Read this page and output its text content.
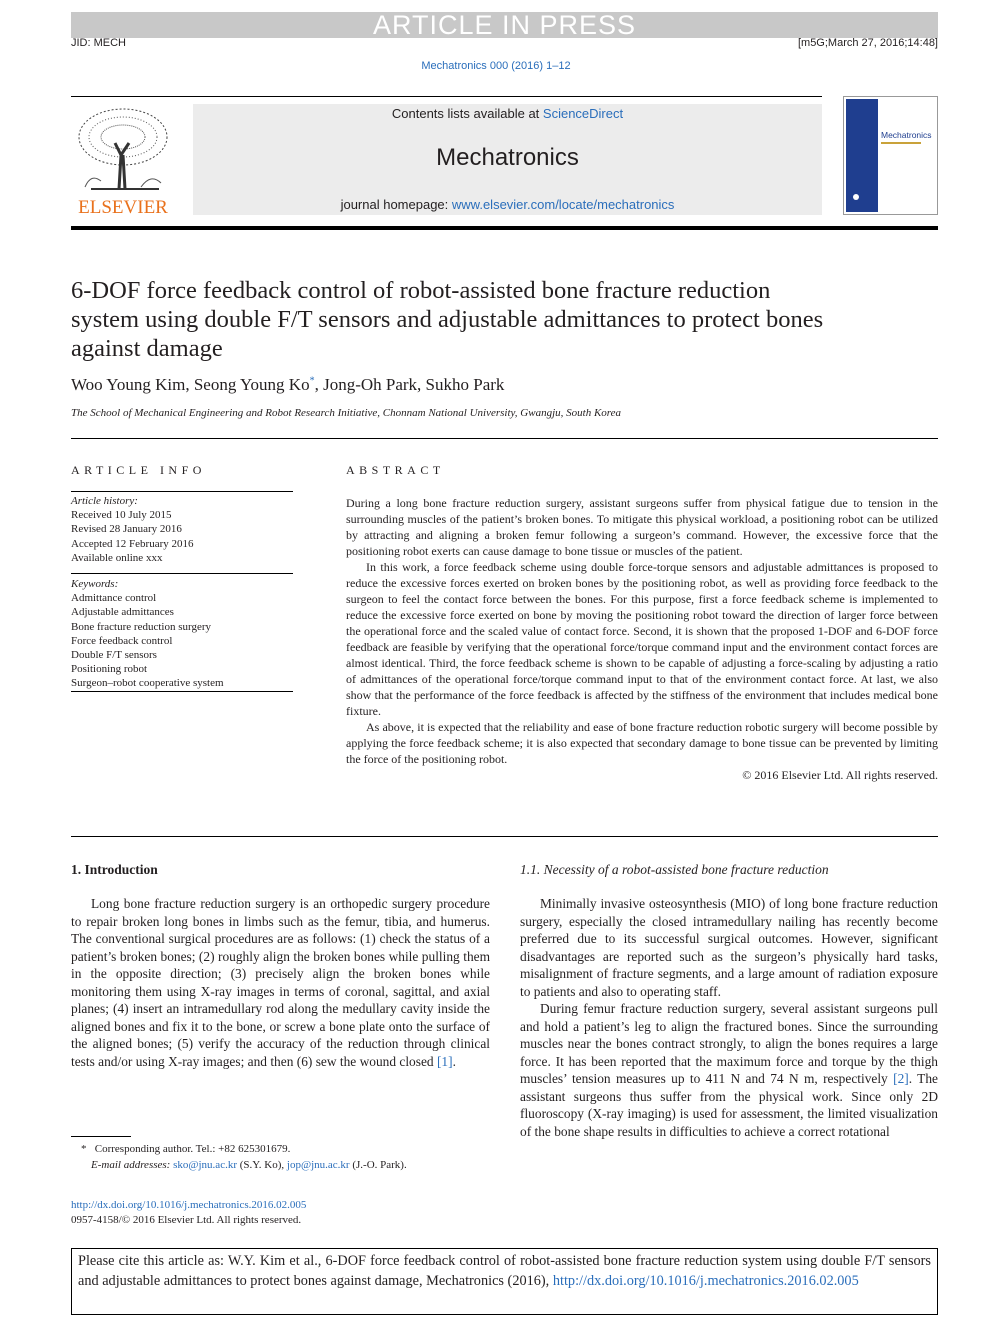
ARTICLE IN PRESS
JID: MECH	[m5G;March 27, 2016;14:48]
Mechatronics 000 (2016) 1–12
ELSEVIER
Contents lists available at ScienceDirect
Mechatronics
journal homepage: www.elsevier.com/locate/mechatronics
Mechatronics
6-DOF force feedback control of robot-assisted bone fracture reduction system using double F/T sensors and adjustable admittances to protect bones against damage
Woo Young Kim, Seong Young Ko*, Jong-Oh Park, Sukho Park
The School of Mechanical Engineering and Robot Research Initiative, Chonnam National University, Gwangju, South Korea
ARTICLE INFO	ABSTRACT
Article history:
Received 10 July 2015
Revised 28 January 2016
Accepted 12 February 2016
Available online xxx
Keywords:
Admittance control
Adjustable admittances
Bone fracture reduction surgery
Force feedback control
Double F/T sensors
Positioning robot
Surgeon–robot cooperative system

During a long bone fracture reduction surgery, assistant surgeons suffer from physical fatigue due to tension in the surrounding muscles of the patient’s broken bones. To mitigate this physical workload, a positioning robot can be utilized by attracting and aligning a broken femur following a surgeon’s command. However, the excessive force that the positioning robot exerts can cause damage to bone tissue or muscles of the patient.

In this work, a force feedback scheme using double force-torque sensors and adjustable admittances is proposed to reduce the excessive forces exerted on broken bones by the positioning robot, as well as providing force feedback to the surgeon to feel the contact force between the bones. For this purpose, first a force feedback scheme is implemented to reduce the excessive force exerted on bone by moving the positioning robot toward the direction of larger force between the operational force and the scaled value of contact force. Second, it is shown that the proposed 1-DOF and 6-DOF force feedback are feasible by verifying that the operational force/torque command input and the environment contact forces are almost identical. Third, the force feedback scheme is shown to be capable of adjusting a force-scaling by adjusting a ratio of admittances of the operational force/torque command input to that of the environment contact force. At last, we also show that the performance of the force feedback is affected by the stiffness of the environment that includes medical bone fixture.

As above, it is expected that the reliability and ease of bone fracture reduction robotic surgery will become possible by applying the force feedback scheme; it is also expected that secondary damage to bone tissue can be prevented by limiting the force of the positioning robot.

© 2016 Elsevier Ltd. All rights reserved.

1. Introduction

Long bone fracture reduction surgery is an orthopedic surgery procedure to repair broken long bones in limbs such as the femur, tibia, and humerus. The conventional surgical procedures are as follows: (1) check the status of a patient’s broken bones; (2) roughly align the broken bones while pulling them in the opposite direction; (3) precisely align the broken bones while monitoring them using X-ray images in terms of coronal, sagittal, and axial planes; (4) insert an intramedullary rod along the medullary cavity inside the aligned bones and fix it to the bone, or screw a bone plate onto the surface of the aligned bones; (5) verify the accuracy of the reduction through clinical tests and/or using X-ray images; and then (6) sew the wound closed [1].

1.1. Necessity of a robot-assisted bone fracture reduction

Minimally invasive osteosynthesis (MIO) of long bone fracture reduction surgery, especially the closed intramedullary nailing has recently become preferred due to its successful surgical outcomes. However, significant disadvantages are reported such as the surgeon’s physically hard tasks, misalignment of fracture segments, and a large amount of radiation exposure to patients and also to operating staff.

During femur fracture reduction surgery, several assistant surgeons pull and hold a patient’s leg to align the fractured bones. Since the surrounding muscles near the bones contract strongly, to align the bones requires a large force. It has been reported that the maximum force and torque by the thigh muscles’ tension measures up to 411 N and 74 N m, respectively [2]. The assistant surgeons thus suffer from the physical work. Since only 2D fluoroscopy (X-ray imaging) is used for assessment, the limited visualization of the bone shape results in difficulties to achieve a correct rotational

* Corresponding author. Tel.: +82 625301679.
E-mail addresses: sko@jnu.ac.kr (S.Y. Ko), jop@jnu.ac.kr (J.-O. Park).
http://dx.doi.org/10.1016/j.mechatronics.2016.02.005
0957-4158/© 2016 Elsevier Ltd. All rights reserved.
Please cite this article as: W.Y. Kim et al., 6-DOF force feedback control of robot-assisted bone fracture reduction system using double F/T sensors and adjustable admittances to protect bones against damage, Mechatronics (2016), http://dx.doi.org/10.1016/j.mechatronics.2016.02.005
